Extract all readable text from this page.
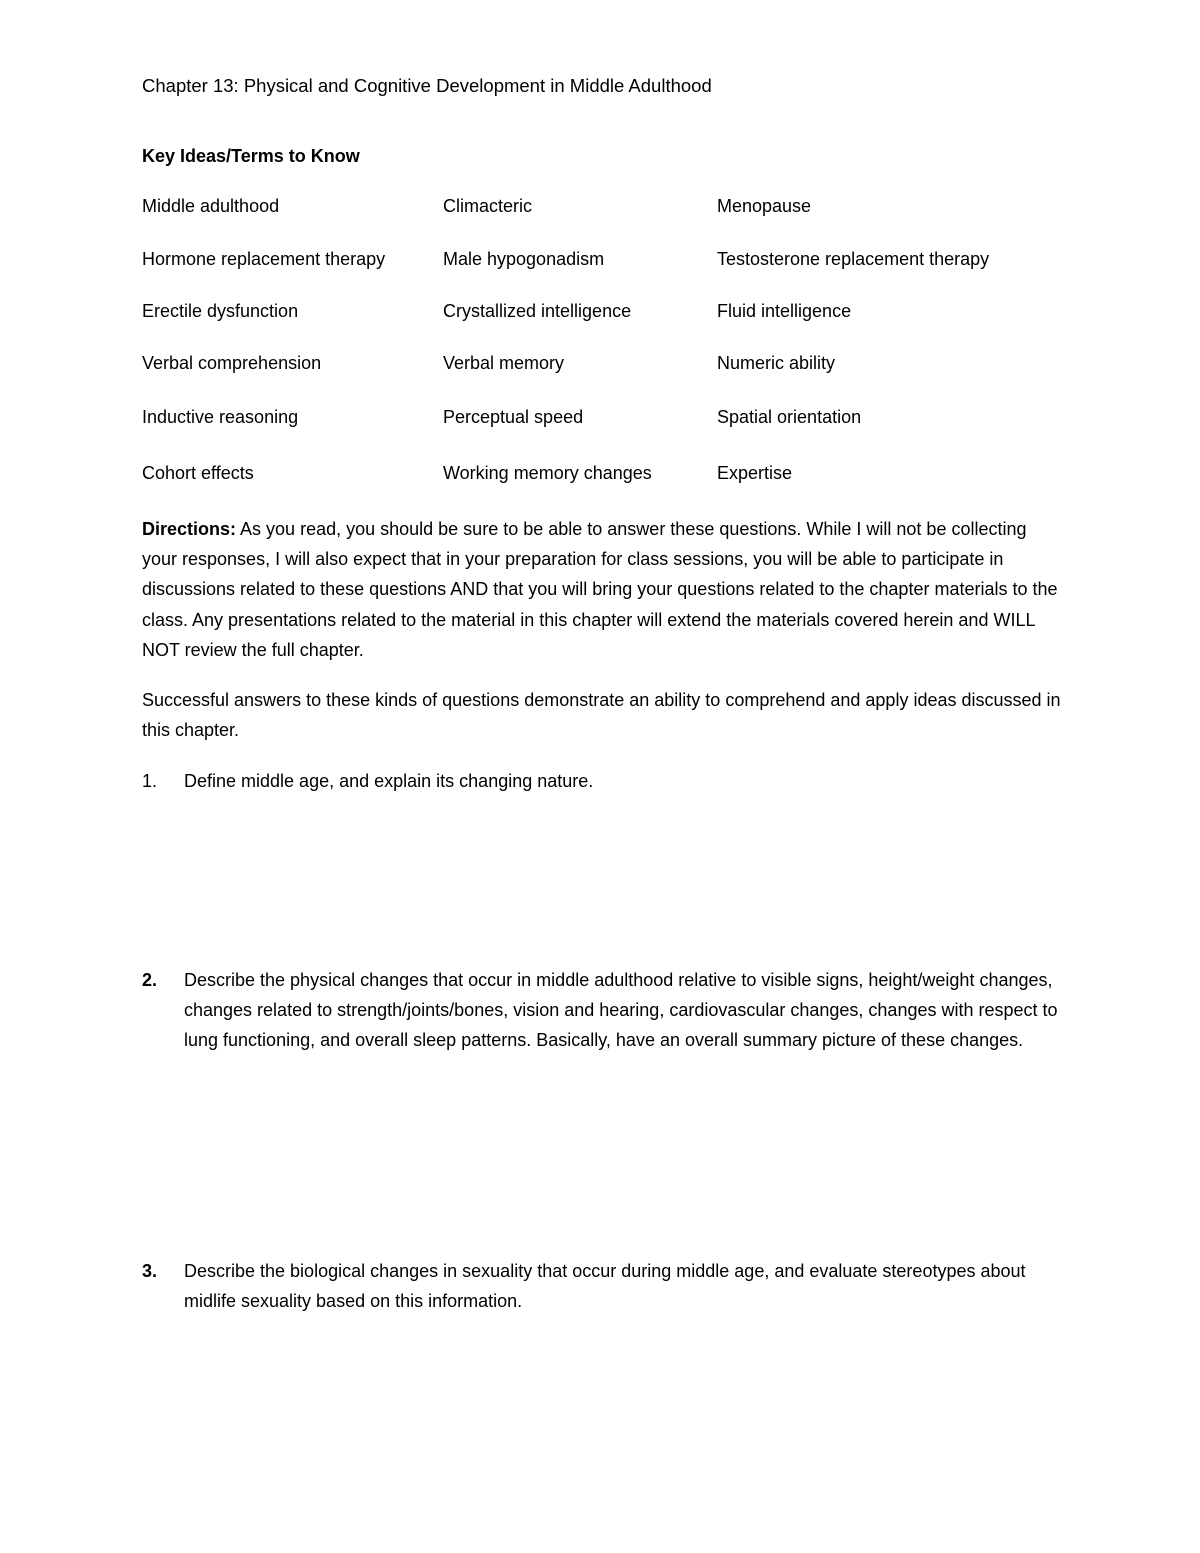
Chapter 13: Physical and Cognitive Development in Middle Adulthood
Key Ideas/Terms to Know
Middle adulthood	Climacteric	Menopause
Hormone replacement therapy	Male hypogonadism	Testosterone replacement therapy
Erectile dysfunction	Crystallized intelligence	Fluid intelligence
Verbal comprehension	Verbal memory	Numeric ability
Inductive reasoning	Perceptual speed	Spatial orientation
Cohort effects	Working memory changes	Expertise
Directions: As you read, you should be sure to be able to answer these questions. While I will not be collecting your responses, I will also expect that in your preparation for class sessions, you will be able to participate in discussions related to these questions AND that you will bring your questions related to the chapter materials to the class. Any presentations related to the material in this chapter will extend the materials covered herein and WILL NOT review the full chapter.
Successful answers to these kinds of questions demonstrate an ability to comprehend and apply ideas discussed in this chapter.
1. Define middle age, and explain its changing nature.
2. Describe the physical changes that occur in middle adulthood relative to visible signs, height/weight changes, changes related to strength/joints/bones, vision and hearing, cardiovascular changes, changes with respect to lung functioning, and overall sleep patterns. Basically, have an overall summary picture of these changes.
3. Describe the biological changes in sexuality that occur during middle age, and evaluate stereotypes about midlife sexuality based on this information.
